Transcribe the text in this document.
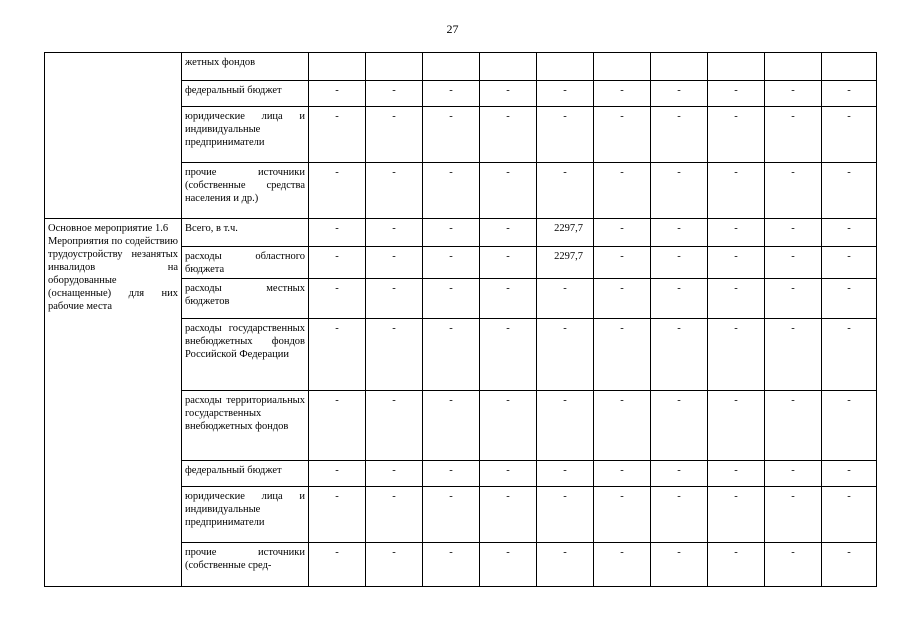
27
	жетных фондов										
	федеральный бюджет	-	-	-	-	-	-	-	-	-	-
	юридические лица и индивидуальные предприниматели	-	-	-	-	-	-	-	-	-	-
	прочие источники (собственные средства населения и др.)	-	-	-	-	-	-	-	-	-	-

Основное мероприятие 1.6
Мероприятия по содействию трудоустройству незанятых инвалидов на оборудованные (оснащенные) для них рабочие места	Всего, в т.ч.	-	-	-	-	2297,7	-	-	-	-	-
	расходы областного бюджета	-	-	-	-	2297,7	-	-	-	-	-
	расходы местных бюджетов	-	-	-	-	-	-	-	-	-	-
	расходы государственных внебюджетных фондов Российской Федерации	-	-	-	-	-	-	-	-	-	-
	расходы территориальных государственных внебюджетных фондов	-	-	-	-	-	-	-	-	-	-
	федеральный бюджет	-	-	-	-	-	-	-	-	-	-
	юридические лица и индивидуальные предприниматели	-	-	-	-	-	-	-	-	-	-
	прочие источники (собственные сред-	-	-	-	-	-	-	-	-	-	-
